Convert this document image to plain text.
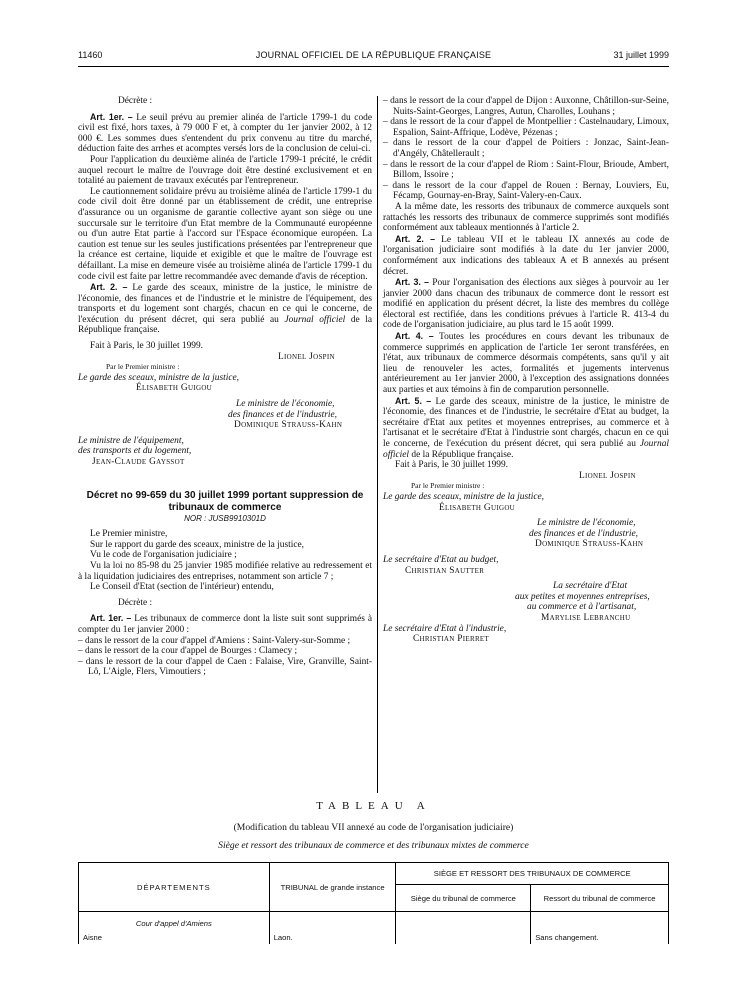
11460	JOURNAL OFFICIEL DE LA RÉPUBLIQUE FRANÇAISE	31 juillet 1999

Décrète :

Art. 1er. – Le seuil prévu au premier alinéa de l'article 1799-1 du code civil est fixé, hors taxes, à 79 000 F et, à compter du 1er janvier 2002, à 12 000 €. Les sommes dues s'entendent du prix convenu au titre du marché, déduction faite des arrhes et acomptes versés lors de la conclusion de celui-ci.

Pour l'application du deuxième alinéa de l'article 1799-1 précité, le crédit auquel recourt le maître de l'ouvrage doit être destiné exclusivement et en totalité au paiement de travaux exécutés par l'entrepreneur.

Le cautionnement solidaire prévu au troisième alinéa de l'article 1799-1 du code civil doit être donné par un établissement de crédit, une entreprise d'assurance ou un organisme de garantie collective ayant son siège ou une succursale sur le territoire d'un Etat membre de la Communauté européenne ou d'un autre Etat partie à l'accord sur l'Espace économique européen. La caution est tenue sur les seules justifications présentées par l'entrepreneur que la créance est certaine, liquide et exigible et que le maître de l'ouvrage est défaillant. La mise en demeure visée au troisième alinéa de l'article 1799-1 du code civil est faite par lettre recommandée avec demande d'avis de réception.

Art. 2. – Le garde des sceaux, ministre de la justice, le ministre de l'économie, des finances et de l'industrie et le ministre de l'équipement, des transports et du logement sont chargés, chacun en ce qui le concerne, de l'exécution du présent décret, qui sera publié au Journal officiel de la République française.

Fait à Paris, le 30 juillet 1999.

Lionel Jospin

Par le Premier ministre :

Le garde des sceaux, ministre de la justice,

Élisabeth Guigou

Le ministre de l'économie,

des finances et de l'industrie,

Dominique Strauss-Kahn

Le ministre de l'équipement,

des transports et du logement,

Jean-Claude Gayssot

Décret no 99-659 du 30 juillet 1999 portant suppression de tribunaux de commerce

NOR : JUSB9910301D

Le Premier ministre,

Sur le rapport du garde des sceaux, ministre de la justice,

Vu le code de l'organisation judiciaire ;

Vu la loi no 85-98 du 25 janvier 1985 modifiée relative au redressement et à la liquidation judiciaires des entreprises, notamment son article 7 ;

Le Conseil d'Etat (section de l'intérieur) entendu,

Décrète :

Art. 1er. – Les tribunaux de commerce dont la liste suit sont supprimés à compter du 1er janvier 2000 :

– dans le ressort de la cour d'appel d'Amiens : Saint-Valery-sur-Somme ;

– dans le ressort de la cour d'appel de Bourges : Clamecy ;

– dans le ressort de la cour d'appel de Caen : Falaise, Vire, Granville, Saint-Lô, L'Aigle, Flers, Vimoutiers ;

– dans le ressort de la cour d'appel de Dijon : Auxonne, Châtillon-sur-Seine, Nuits-Saint-Georges, Langres, Autun, Charolles, Louhans ;

– dans le ressort de la cour d'appel de Montpellier : Castelnaudary, Limoux, Espalion, Saint-Affrique, Lodève, Pézenas ;

– dans le ressort de la cour d'appel de Poitiers : Jonzac, Saint-Jean-d'Angély, Châtellerault ;

– dans le ressort de la cour d'appel de Riom : Saint-Flour, Brioude, Ambert, Billom, Issoire ;

– dans le ressort de la cour d'appel de Rouen : Bernay, Louviers, Eu, Fécamp, Gournay-en-Bray, Saint-Valery-en-Caux.

A la même date, les ressorts des tribunaux de commerce auxquels sont rattachés les ressorts des tribunaux de commerce supprimés sont modifiés conformément aux tableaux mentionnés à l'article 2.

Art. 2. – Le tableau VII et le tableau IX annexés au code de l'organisation judiciaire sont modifiés à la date du 1er janvier 2000, conformément aux indications des tableaux A et B annexés au présent décret.

Art. 3. – Pour l'organisation des élections aux sièges à pourvoir au 1er janvier 2000 dans chacun des tribunaux de commerce dont le ressort est modifié en application du présent décret, la liste des membres du collège électoral est rectifiée, dans les conditions prévues à l'article R. 413-4 du code de l'organisation judiciaire, au plus tard le 15 août 1999.

Art. 4. – Toutes les procédures en cours devant les tribunaux de commerce supprimés en application de l'article 1er seront transférées, en l'état, aux tribunaux de commerce désormais compétents, sans qu'il y ait lieu de renouveler les actes, formalités et jugements intervenus antérieurement au 1er janvier 2000, à l'exception des assignations données aux parties et aux témoins à fin de comparution personnelle.

Art. 5. – Le garde des sceaux, ministre de la justice, le ministre de l'économie, des finances et de l'industrie, le secrétaire d'Etat au budget, la secrétaire d'Etat aux petites et moyennes entreprises, au commerce et à l'artisanat et le secrétaire d'Etat à l'industrie sont chargés, chacun en ce qui le concerne, de l'exécution du présent décret, qui sera publié au Journal officiel de la République française.

Fait à Paris, le 30 juillet 1999.

Lionel Jospin

Par le Premier ministre :

Le garde des sceaux, ministre de la justice,

Élisabeth Guigou

Le ministre de l'économie,

des finances et de l'industrie,

Dominique Strauss-Kahn

Le secrétaire d'Etat au budget,

Christian Sautter

La secrétaire d'Etat

aux petites et moyennes entreprises,

au commerce et à l'artisanat,

Marylise Lebranchu

Le secrétaire d'Etat à l'industrie,

Christian Pierret

TABLEAU A
(Modification du tableau VII annexé au code de l'organisation judiciaire)
Siège et ressort des tribunaux de commerce et des tribunaux mixtes de commerce
DÉPARTEMENTS	TRIBUNAL de grande instance	SIÈGE ET RESSORT DES TRIBUNAUX DE COMMERCE	
		Siège du tribunal de commerce	Ressort du tribunal de commerce
Cour d'appel d'Amiens			
Aisne	Laon.		Sans changement.
